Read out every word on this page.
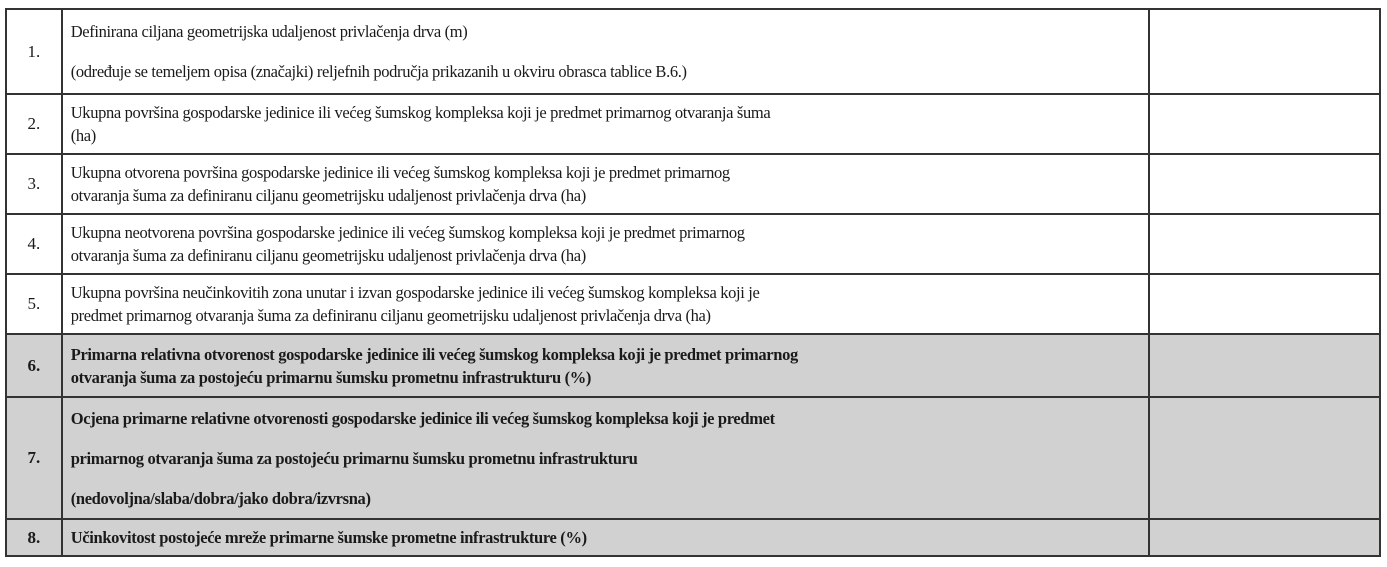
1.	Definirana ciljana geometrijska udaljenost privlačenja drva (m)
(određuje se temeljem opisa (značajki) reljefnih područja prikazanih u okviru obrasca tablice B.6.)	

2.	Ukupna površina gospodarske jedinice ili većeg šumskog kompleksa koji je predmet primarnog otvaranja šuma
(ha)	

3.	Ukupna otvorena površina gospodarske jedinice ili većeg šumskog kompleksa koji je predmet primarnog
otvaranja šuma za definiranu ciljanu geometrijsku udaljenost privlačenja drva (ha)	

4.	Ukupna neotvorena površina gospodarske jedinice ili većeg šumskog kompleksa koji je predmet primarnog
otvaranja šuma za definiranu ciljanu geometrijsku udaljenost privlačenja drva (ha)	

5.	Ukupna površina neučinkovitih zona unutar i izvan gospodarske jedinice ili većeg šumskog kompleksa koji je
predmet primarnog otvaranja šuma za definiranu ciljanu geometrijsku udaljenost privlačenja drva (ha)	

6.	Primarna relativna otvorenost gospodarske jedinice ili većeg šumskog kompleksa koji je predmet primarnog
otvaranja šuma za postojeću primarnu šumsku prometnu infrastrukturu (%)	

7.	Ocjena primarne relativne otvorenosti gospodarske jedinice ili većeg šumskog kompleksa koji je predmet
primarnog otvaranja šuma za postojeću primarnu šumsku prometnu infrastrukturu
(nedovoljna/slaba/dobra/jako dobra/izvrsna)	

8.	Učinkovitost postojeće mreže primarne šumske prometne infrastrukture (%)	
